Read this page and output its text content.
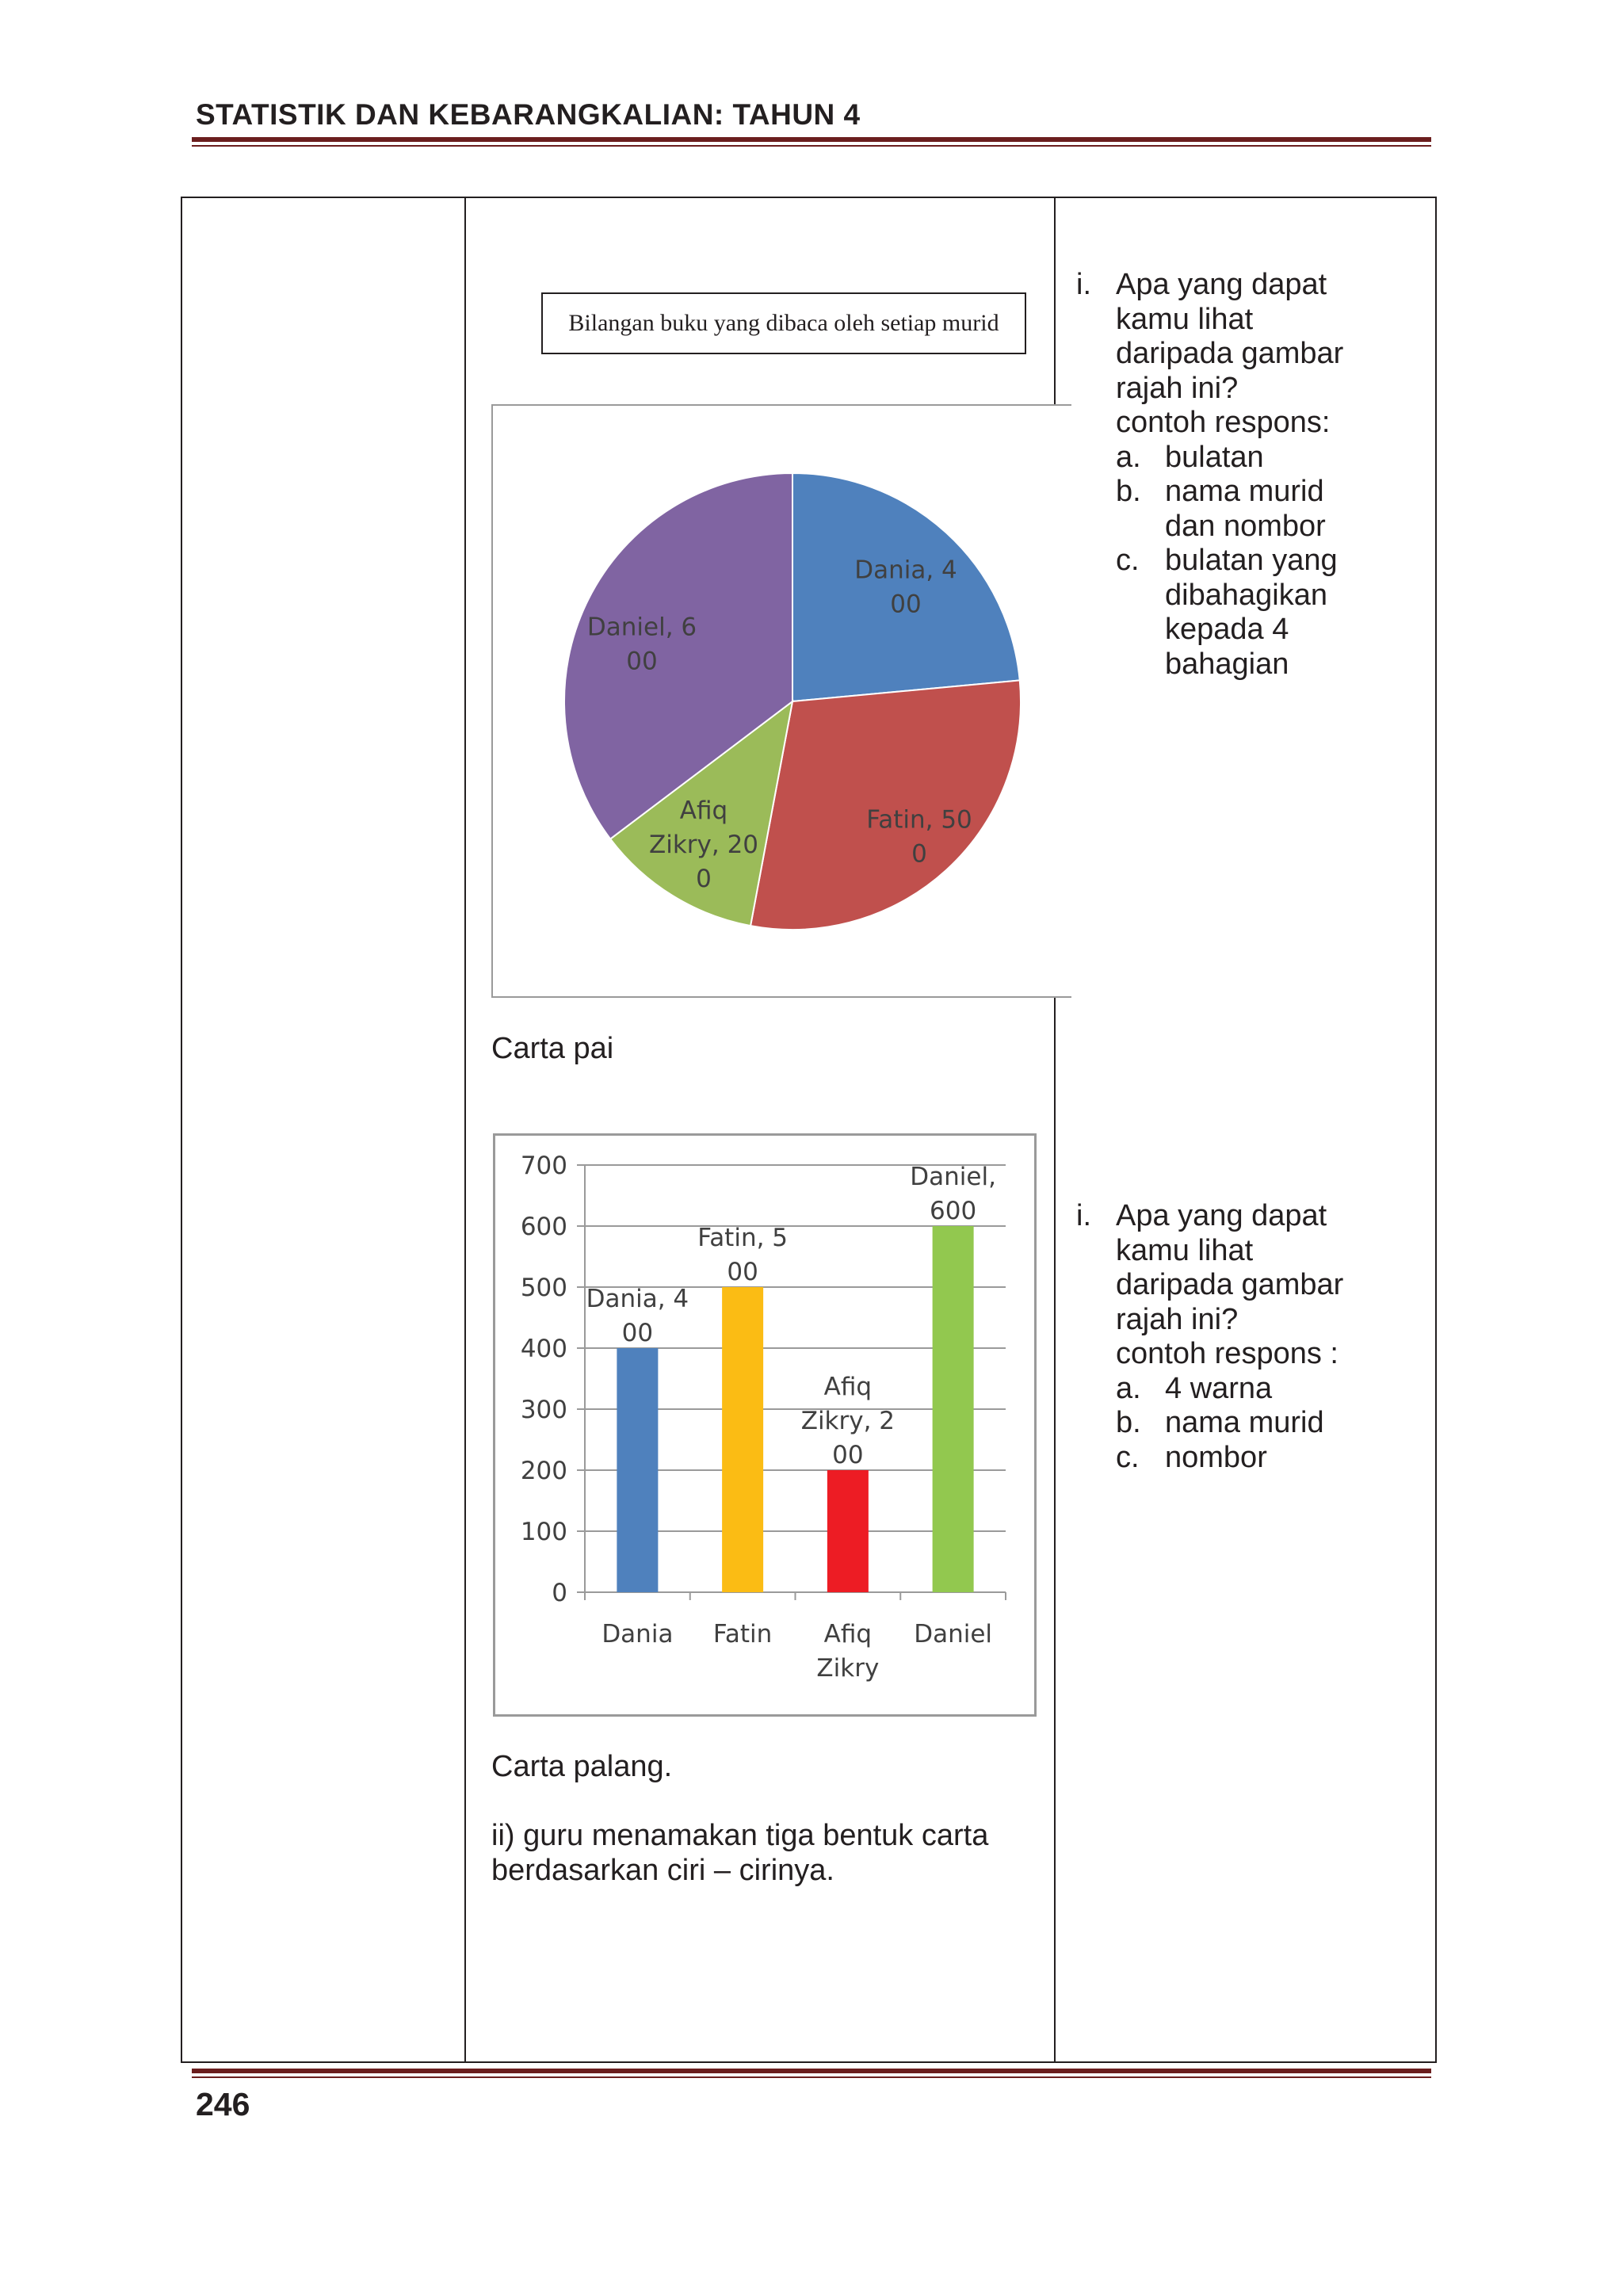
STATISTIK DAN KEBARANGKALIAN: TAHUN 4
Bilangan buku yang dibaca oleh setiap murid
Dania, 4 00
Fatin, 50 0
Afiq Zikry, 20 0
Daniel, 6 00
Carta pai
0
100
200
300
400
500
600
700
Dania, 4 00
Dania
Fatin, 5 00
Fatin
Afiq Zikry, 2 00
Afiq Zikry
Daniel, 600
Daniel
Carta palang.
ii) guru menamakan tiga bentuk carta
berdasarkan ciri – cirinya.
i. Apa yang dapat
kamu lihat
daripada gambar
rajah ini?
contoh respons:
a. bulatan
b. nama murid
dan nombor
c. bulatan yang
dibahagikan
kepada 4
bahagian
i. Apa yang dapat
kamu lihat
daripada gambar
rajah ini?
contoh respons :
a. 4 warna
b. nama murid
c. nombor
246
